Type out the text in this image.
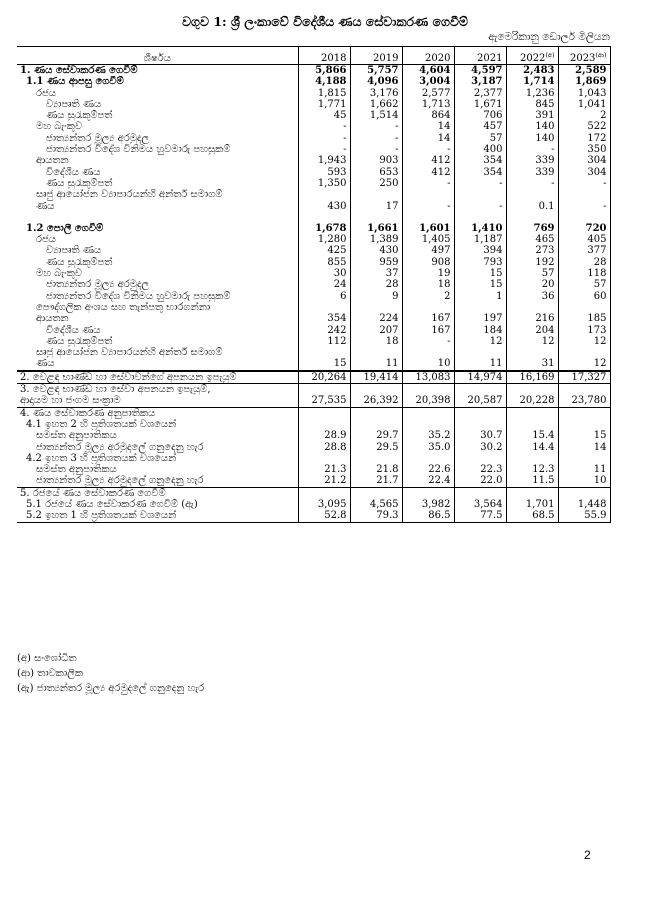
වගුව 1: ශ්‍රී ලංකාවේ විදේශීය ණය සේවාකරණ ගෙවීම්
ඇමෙරිකානු ඩොලර් මිලියන
ශීර්ෂය	2018	2019	2020	2021	$2022^{(අ)}$	$2023^{(ආ)}$
1. ණය සේවාකරණ ගෙවීම්	5,866	5,757	4,604	4,597	2,483	2,589
1.1 ණය ආපසු ගෙවීම්	4,188	4,096	3,004	3,187	1,714	1,869
රජය	1,815	3,176	2,577	2,377	1,236	1,043
ව්‍යාපෘති ණය	1,771	1,662	1,713	1,671	845	1,041
ණය සුරැකුම්පත්	45	1,514	864	706	391	2
මහ බැංකුව	-	-	14	457	140	522
ජාත්‍යන්තර මූල්‍ය අරමුදල	-	-	14	57	140	172
ජාත්‍යන්තර විදේශ විනිමය හුවමාරු පහසුකම්	-	-	-	400	-	350
ආයතන	1,943	903	412	354	339	304
විදේශීය ණය	593	653	412	354	339	304
ණය සුරැකුම්පත්	1,350	250	-	-	-	-
සෘජු ආයෝජන ව්‍යාපාරයන්හි අන්තර් සමාගම්						
ණය	430	17	-	-	0.1	-

1.2 පොලී ගෙවීම්	1,678	1,661	1,601	1,410	769	720
රජය	1,280	1,389	1,405	1,187	465	405
ව්‍යාපෘති ණය	425	430	497	394	273	377
ණය සුරැකුම්පත්	855	959	908	793	192	28
මහ බැංකුව	30	37	19	15	57	118
ජාත්‍යන්තර මූල්‍ය අරමුදල	24	28	18	15	20	57
ජාත්‍යන්තර විදේශ විනිමය හුවමාරු පහසුකම්	6	9	2	1	36	60
පෞද්ගලික අංශය සහ තැන්පතු භාරගන්නා						
ආයතන	354	224	167	197	216	185
විදේශීය ණය	242	207	167	184	204	173
ණය සුරැකුම්පත්	112	18	-	12	12	12
සෘජු ආයෝජන ව්‍යාපාරයන්හි අන්තර් සමාගම්						
ණය	15	11	10	11	31	12
2. වෙළඳ භාණ්ඩ හා සේවාවන්ගේ අපනයන ඉපැයුම්	20,264	19,414	13,083	14,974	16,169	17,327
3. වෙළඳ භාණ්ඩ හා සේවා අපනයන ඉපැයුම්,						
ආදායම හා ජංගම සංක්‍රාම	27,535	26,392	20,398	20,587	20,228	23,780
4. ණය සේවාකරණ අනුපාතිකය						
4.1 ඉහත 2 හි ප්‍රතිශතයක් වශයෙන්						
සමස්ත අනුපාතිකය	28.9	29.7	35.2	30.7	15.4	15
ජාත්‍යන්තර මූල්‍ය අරමුදලේ ගනුදෙනු හැර	28.8	29.5	35.0	30.2	14.4	14
4.2 ඉහත 3 හි ප්‍රතිශතයක් වශයෙන්						
සමස්ත අනුපාතිකය	21.3	21.8	22.6	22.3	12.3	11
ජාත්‍යන්තර මූල්‍ය අරමුදලේ ගනුදෙනු හැර	21.2	21.7	22.4	22.0	11.5	10
5. රජයේ ණය සේවාකරණ ගෙවීම්						
5.1 රජයේ ණය සේවාකරණ ගෙවීම් (ඇ)	3,095	4,565	3,982	3,564	1,701	1,448
5.2 ඉහත 1 හි ප්‍රතිශතයක් වශයෙන්	52.8	79.3	86.5	77.5	68.5	55.9
(අ) සංශෝධිත
(ආ) තාවකාලික
(ඇ) ජාත්‍යන්තර මූල්‍ය අරමුදලේ ගනුදෙනු හැර
2
